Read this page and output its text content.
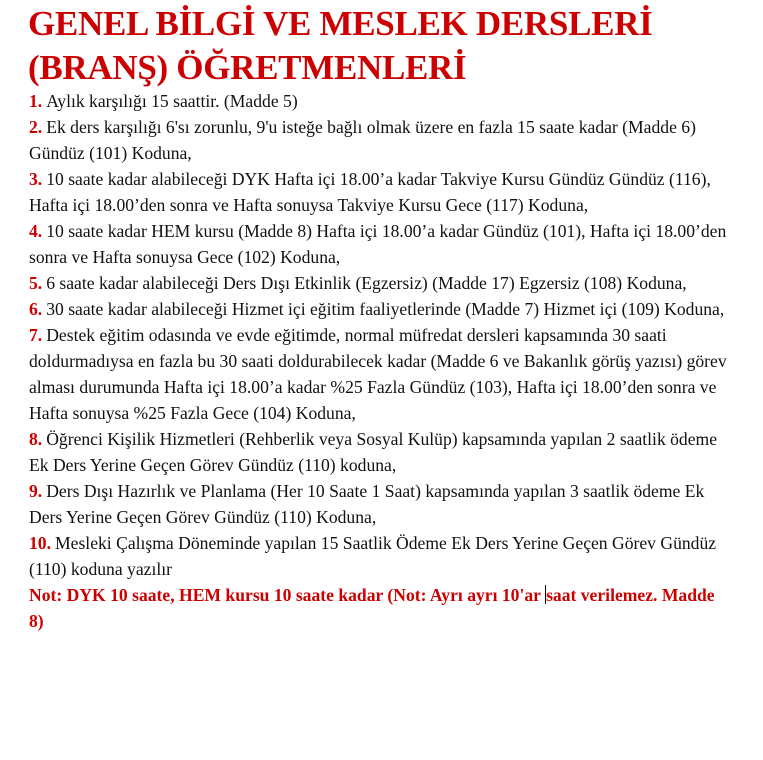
GENEL BİLGİ VE MESLEK DERSLERİ (BRANŞ) ÖĞRETMENLERİ

1. Aylık karşılığı 15 saattir. (Madde 5)

2. Ek ders karşılığı 6'sı zorunlu, 9'u isteğe bağlı olmak üzere en fazla 15 saate kadar (Madde 6) Gündüz (101) Koduna,

3. 10 saate kadar alabileceği DYK Hafta içi 18.00’a kadar Takviye Kursu Gündüz Gündüz (116), Hafta içi 18.00’den sonra ve Hafta sonuysa Takviye Kursu Gece (117) Koduna,

4. 10 saate kadar HEM kursu (Madde 8) Hafta içi 18.00’a kadar Gündüz (101), Hafta içi 18.00’den sonra ve Hafta sonuysa Gece (102) Koduna,

5. 6 saate kadar alabileceği Ders Dışı Etkinlik (Egzersiz) (Madde 17) Egzersiz (108) Koduna,

6. 30 saate kadar alabileceği Hizmet içi eğitim faaliyetlerinde (Madde 7) Hizmet içi (109) Koduna,

7. Destek eğitim odasında ve evde eğitimde, normal müfredat dersleri kapsamında 30 saati doldurmadıysa en fazla bu 30 saati doldurabilecek kadar (Madde 6 ve Bakanlık görüş yazısı) görev alması durumunda Hafta içi 18.00’a kadar %25 Fazla Gündüz (103), Hafta içi 18.00’den sonra ve Hafta sonuysa %25 Fazla Gece (104) Koduna,

8. Öğrenci Kişilik Hizmetleri (Rehberlik veya Sosyal Kulüp) kapsamında yapılan 2 saatlik ödeme Ek Ders Yerine Geçen Görev Gündüz (110) koduna,

9. Ders Dışı Hazırlık ve Planlama (Her 10 Saate 1 Saat) kapsamında yapılan 3 saatlik ödeme Ek Ders Yerine Geçen Görev Gündüz (110) Koduna,

10. Mesleki Çalışma Döneminde yapılan 15 Saatlik Ödeme Ek Ders Yerine Geçen Görev Gündüz (110) koduna yazılır

Not: DYK 10 saate, HEM kursu 10 saate kadar (Not: Ayrı ayrı 10'ar saat verilemez. Madde 8)
